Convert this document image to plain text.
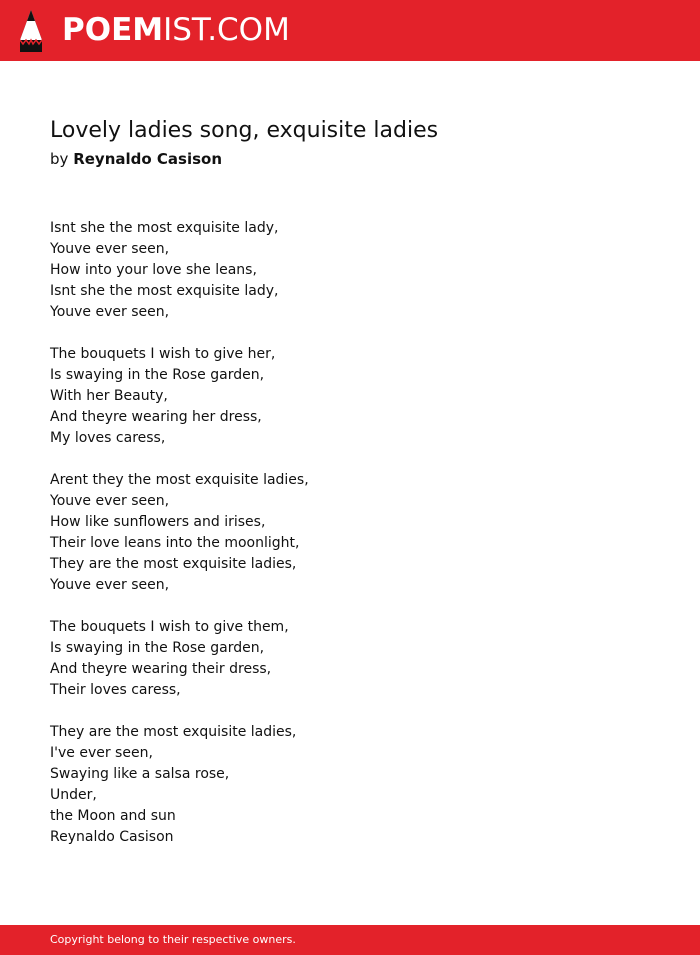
POEMIST.COM
Lovely ladies song, exquisite ladies
by Reynaldo Casison
Isnt she the most exquisite lady,
Youve ever seen,
How into your love she leans,
Isnt she the most exquisite lady,
Youve ever seen,
The bouquets I wish to give her,
Is swaying in the Rose garden,
With her Beauty,
And theyre wearing her dress,
My loves caress,
Arent they the most exquisite ladies,
Youve ever seen,
How like sunflowers and irises,
Their love leans into the moonlight,
They are the most exquisite ladies,
Youve ever seen,
The bouquets I wish to give them,
Is swaying in the Rose garden,
And theyre wearing their dress,
Their loves caress,
They are the most exquisite ladies,
I've ever seen,
Swaying like a salsa rose,
Under,
the Moon and sun
Reynaldo Casison
Copyright belong to their respective owners.
